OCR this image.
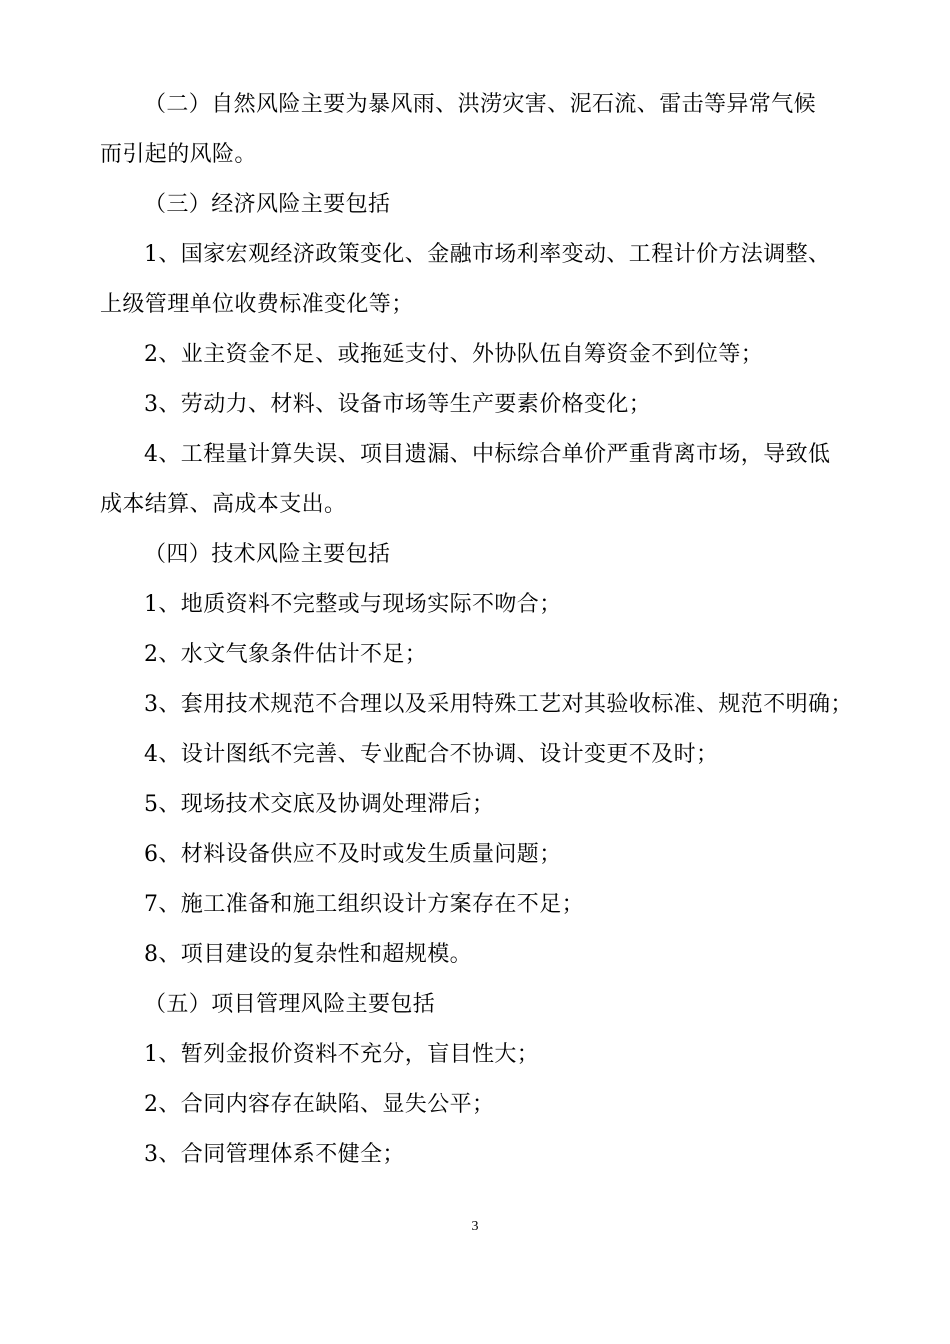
（二）自然风险主要为暴风雨、洪涝灾害、泥石流、雷击等异常气候
而引起的风险。

（三）经济风险主要包括

1、国家宏观经济政策变化、金融市场利率变动、工程计价方法调整、
上级管理单位收费标准变化等；

2、业主资金不足、或拖延支付、外协队伍自筹资金不到位等；

3、劳动力、材料、设备市场等生产要素价格变化；

4、工程量计算失误、项目遗漏、中标综合单价严重背离市场，导致低
成本结算、高成本支出。

（四）技术风险主要包括

1、地质资料不完整或与现场实际不吻合；

2、水文气象条件估计不足；

3、套用技术规范不合理以及采用特殊工艺对其验收标准、规范不明确；

4、设计图纸不完善、专业配合不协调、设计变更不及时；

5、现场技术交底及协调处理滞后；

6、材料设备供应不及时或发生质量问题；

7、施工准备和施工组织设计方案存在不足；

8、项目建设的复杂性和超规模。

（五）项目管理风险主要包括

1、暂列金报价资料不充分，盲目性大；

2、合同内容存在缺陷、显失公平；

3、合同管理体系不健全；

3
